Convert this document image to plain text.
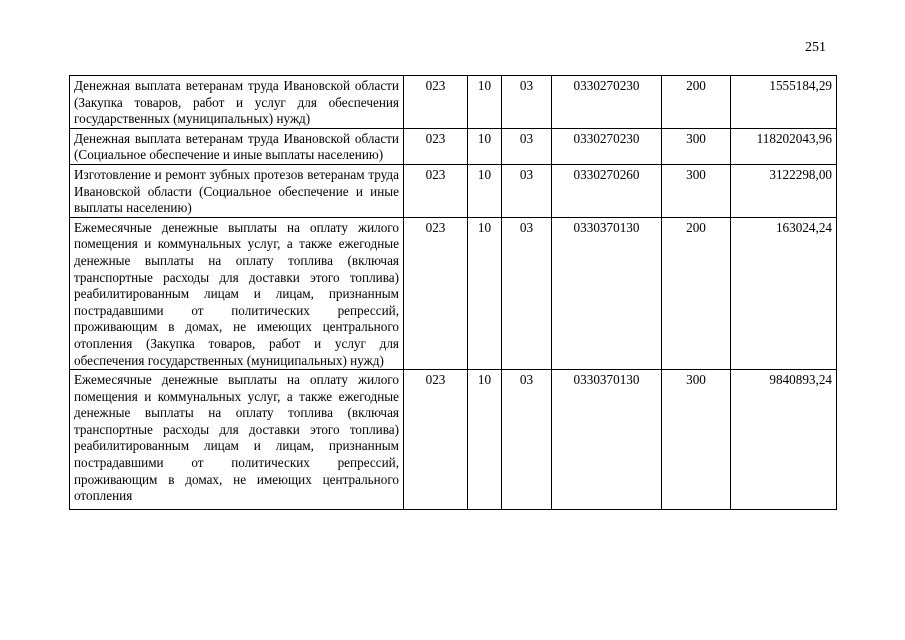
251
Денежная выплата ветеранам труда Ивановской области (Закупка товаров, работ и услуг для обеспечения государственных (муниципальных) нужд)	023	10	03	0330270230	200	1555184,29
Денежная выплата ветеранам труда Ивановской области (Социальное обеспечение и иные выплаты населению)	023	10	03	0330270230	300	118202043,96
Изготовление и ремонт зубных протезов ветеранам труда Ивановской области (Социальное обеспечение и иные выплаты населению)	023	10	03	0330270260	300	3122298,00
Ежемесячные денежные выплаты на оплату жилого помещения и коммунальных услуг, а также ежегодные денежные выплаты на оплату топлива (включая транспортные расходы для доставки этого топлива) реабилитированным лицам и лицам, признанным пострадавшими от политических репрессий, проживающим в домах, не имеющих центрального отопления (Закупка товаров, работ и услуг для обеспечения государственных (муниципальных) нужд)	023	10	03	0330370130	200	163024,24
Ежемесячные денежные выплаты на оплату жилого помещения и коммунальных услуг, а также ежегодные денежные выплаты на оплату топлива (включая транспортные расходы для доставки этого топлива) реабилитированным лицам и лицам, признанным пострадавшими от политических репрессий, проживающим в домах, не имеющих центрального отопления	023	10	03	0330370130	300	9840893,24
